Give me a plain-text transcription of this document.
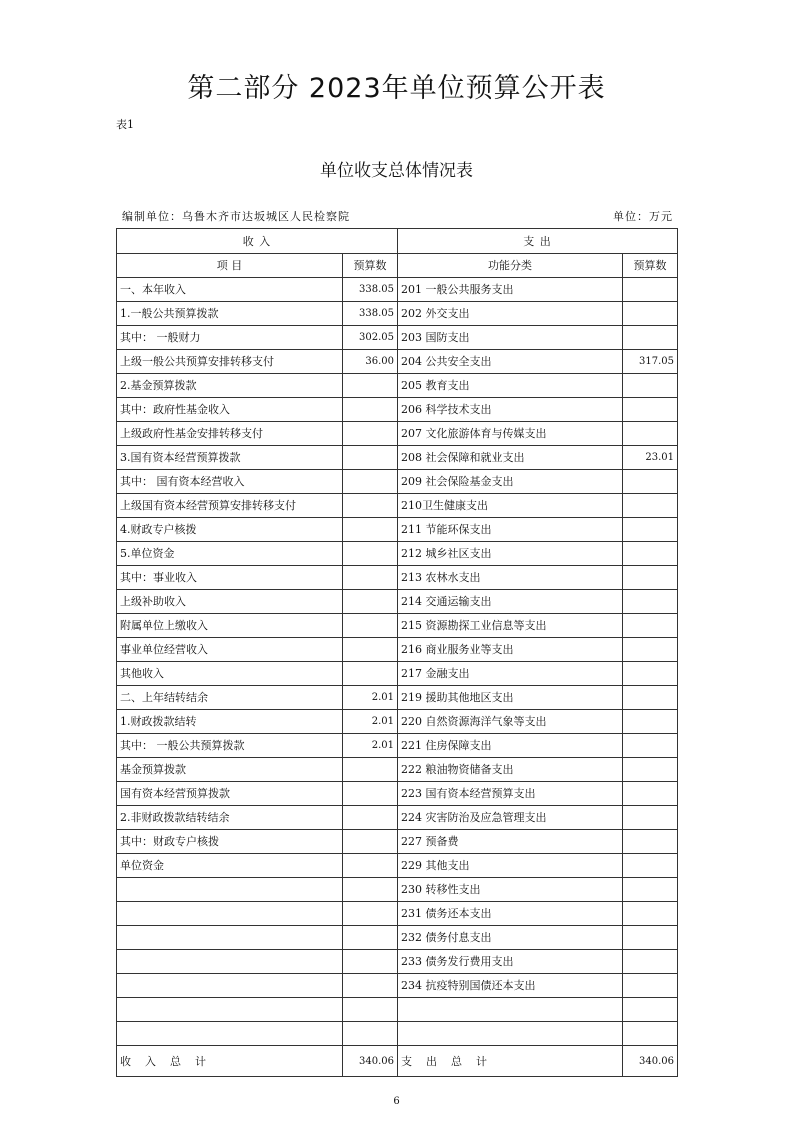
第二部分 2023年单位预算公开表
表1
单位收支总体情况表
编制单位：乌鲁木齐市达坂城区人民检察院	单位：万元
收 入		支 出	
项 目	预算数	功能分类	预算数
一、本年收入	338.05	201 一般公共服务支出	
1.一般公共预算拨款	338.05	202 外交支出	
其中： 一般财力	302.05	203 国防支出	
上级一般公共预算安排转移支付	36.00	204 公共安全支出	317.05
2.基金预算拨款		205 教育支出	
其中：政府性基金收入		206 科学技术支出	
上级政府性基金安排转移支付		207 文化旅游体育与传媒支出	
3.国有资本经营预算拨款		208 社会保障和就业支出	23.01
其中： 国有资本经营收入		209 社会保险基金支出	
上级国有资本经营预算安排转移支付		210卫生健康支出	
4.财政专户核拨		211 节能环保支出	
5.单位资金		212 城乡社区支出	
其中：事业收入		213 农林水支出	
上级补助收入		214 交通运输支出	
附属单位上缴收入		215 资源勘探工业信息等支出	
事业单位经营收入		216 商业服务业等支出	
其他收入		217 金融支出	
二、上年结转结余	2.01	219 援助其他地区支出	
1.财政拨款结转	2.01	220 自然资源海洋气象等支出	
其中： 一般公共预算拨款	2.01	221 住房保障支出	
基金预算拨款		222 粮油物资储备支出	
国有资本经营预算拨款		223 国有资本经营预算支出	
2.非财政拨款结转结余		224 灾害防治及应急管理支出	
其中：财政专户核拨		227 预备费	
单位资金		229 其他支出	
		230 转移性支出	
		231 债务还本支出	
		232 债务付息支出	
		233 债务发行费用支出	
		234 抗疫特别国债还本支出	

收入总计	340.06	支出总计	340.06
6
